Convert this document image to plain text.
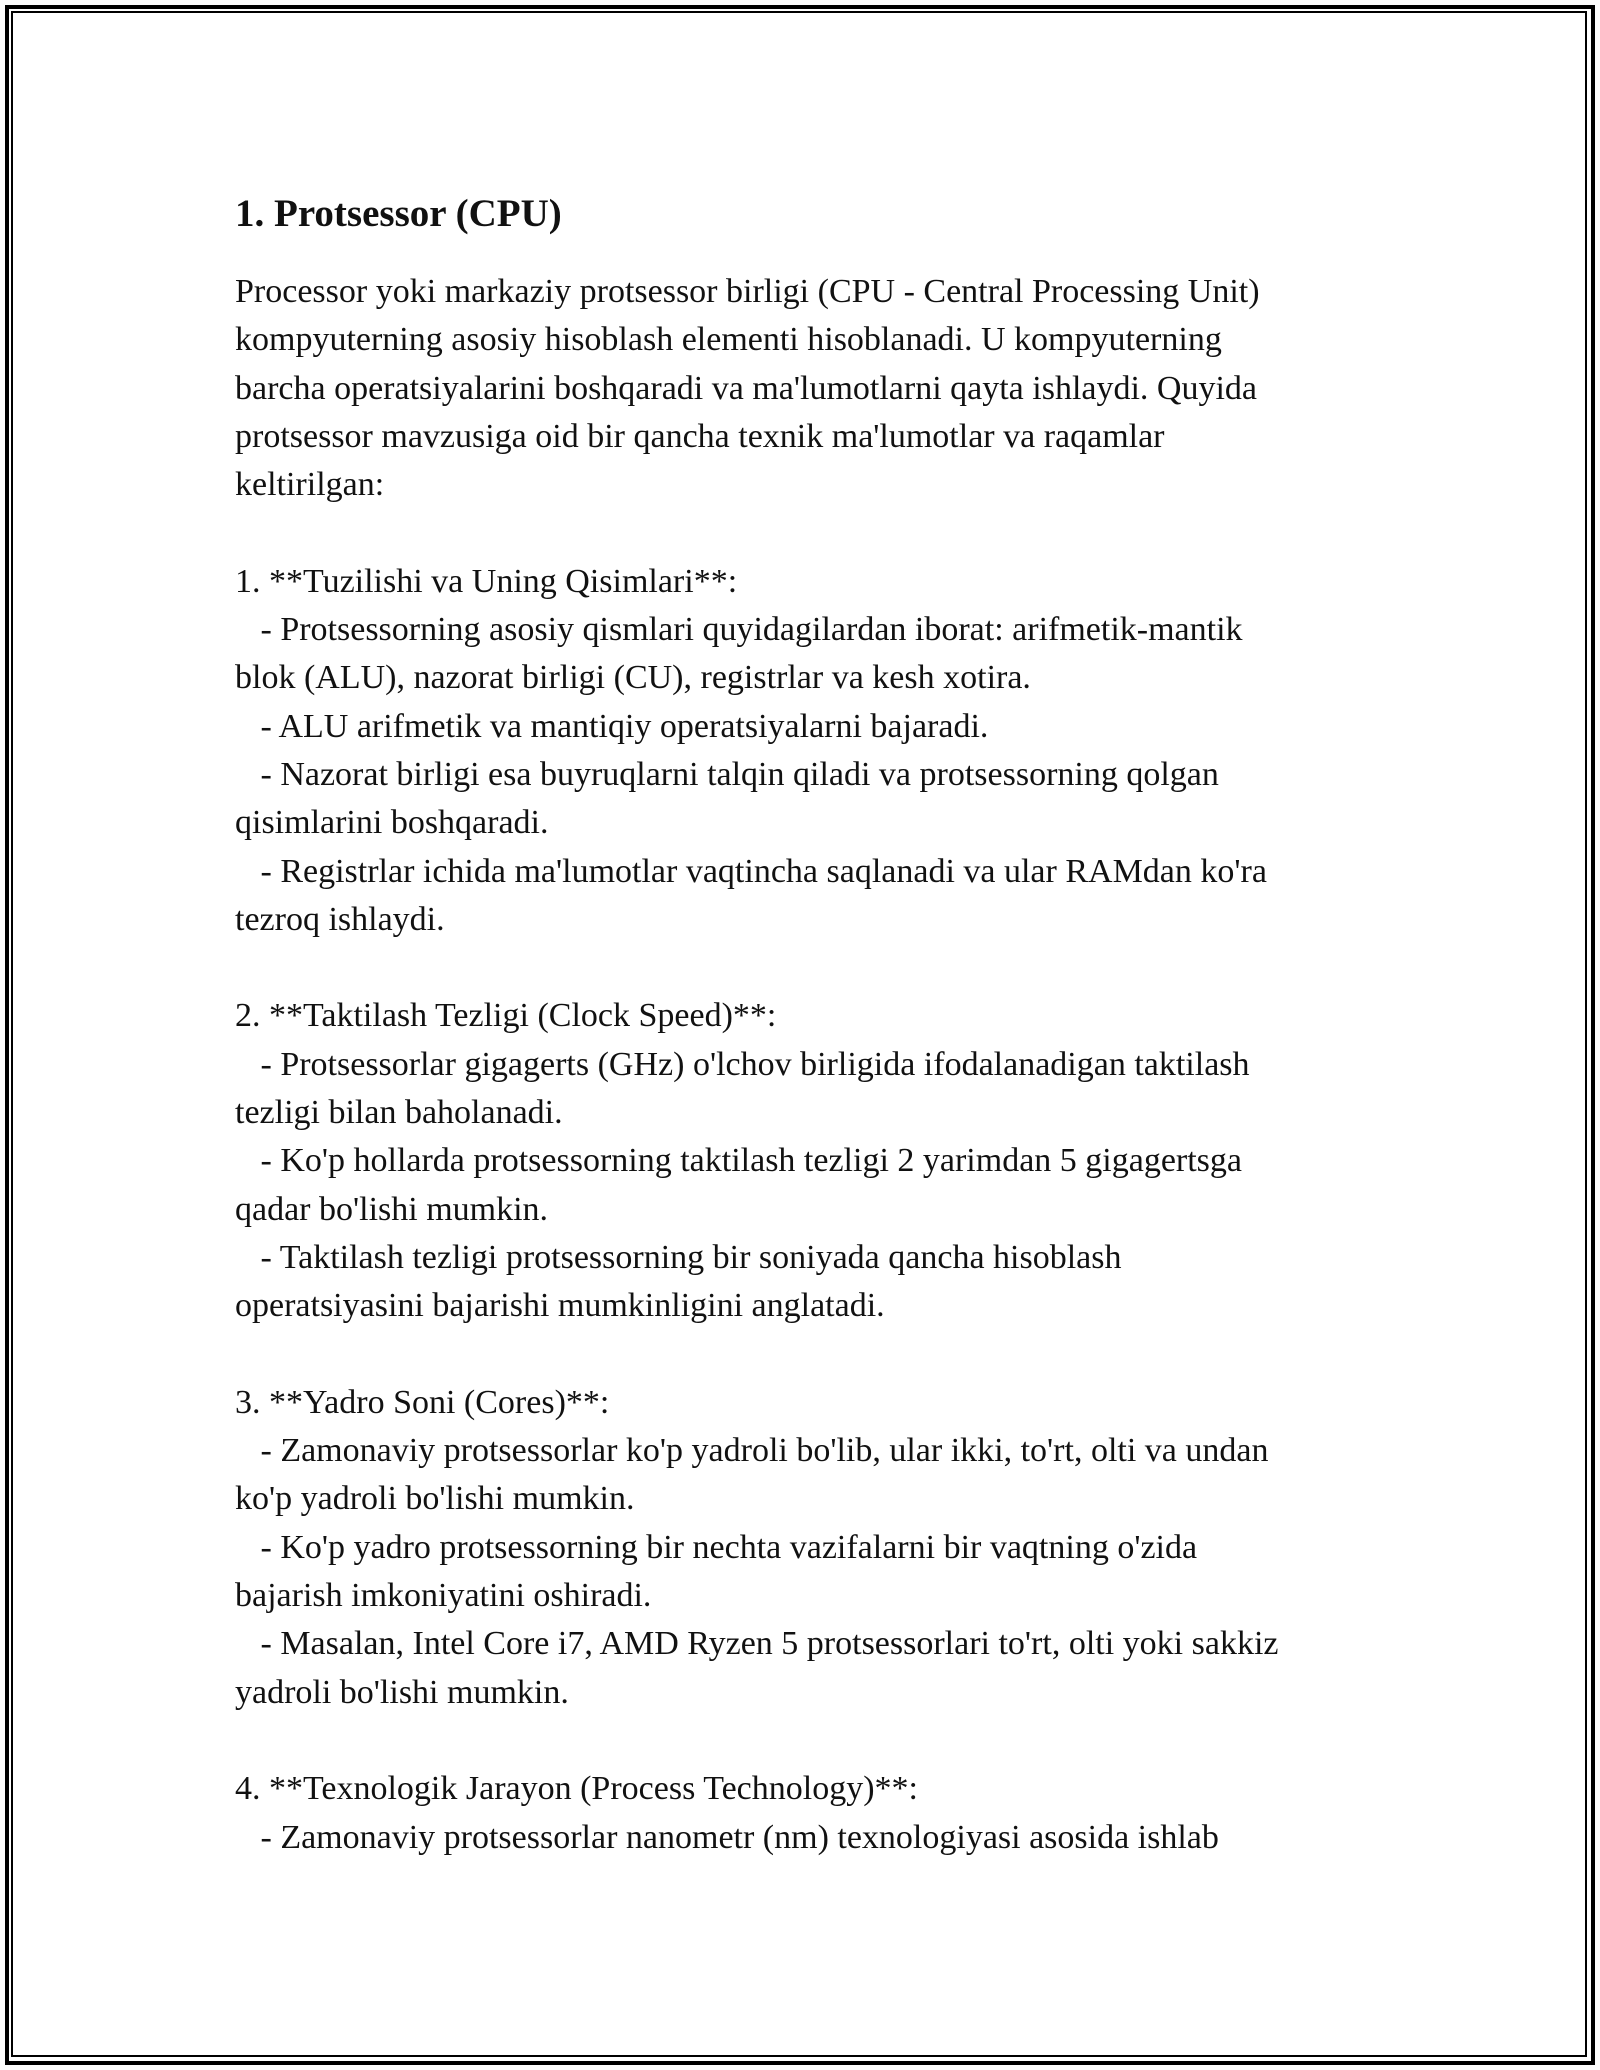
1. Protsessor (CPU)

Processor yoki markaziy protsessor birligi (CPU - Central Processing Unit)
kompyuterning asosiy hisoblash elementi hisoblanadi. U kompyuterning
barcha operatsiyalarini boshqaradi va ma'lumotlarni qayta ishlaydi. Quyida
protsessor mavzusiga oid bir qancha texnik ma'lumotlar va raqamlar
keltirilgan:

1. **Tuzilishi va Uning Qisimlari**:
- Protsessorning asosiy qismlari quyidagilardan iborat: arifmetik-mantik
blok (ALU), nazorat birligi (CU), registrlar va kesh xotira.
- ALU arifmetik va mantiqiy operatsiyalarni bajaradi.
- Nazorat birligi esa buyruqlarni talqin qiladi va protsessorning qolgan
qisimlarini boshqaradi.
- Registrlar ichida ma'lumotlar vaqtincha saqlanadi va ular RAMdan ko'ra
tezroq ishlaydi.

2. **Taktilash Tezligi (Clock Speed)**:
- Protsessorlar gigagerts (GHz) o'lchov birligida ifodalanadigan taktilash
tezligi bilan baholanadi.
- Ko'p hollarda protsessorning taktilash tezligi 2 yarimdan 5 gigagertsga
qadar bo'lishi mumkin.
- Taktilash tezligi protsessorning bir soniyada qancha hisoblash
operatsiyasini bajarishi mumkinligini anglatadi.

3. **Yadro Soni (Cores)**:
- Zamonaviy protsessorlar ko'p yadroli bo'lib, ular ikki, to'rt, olti va undan
ko'p yadroli bo'lishi mumkin.
- Ko'p yadro protsessorning bir nechta vazifalarni bir vaqtning o'zida
bajarish imkoniyatini oshiradi.
- Masalan, Intel Core i7, AMD Ryzen 5 protsessorlari to'rt, olti yoki sakkiz
yadroli bo'lishi mumkin.

4. **Texnologik Jarayon (Process Technology)**:
- Zamonaviy protsessorlar nanometr (nm) texnologiyasi asosida ishlab
